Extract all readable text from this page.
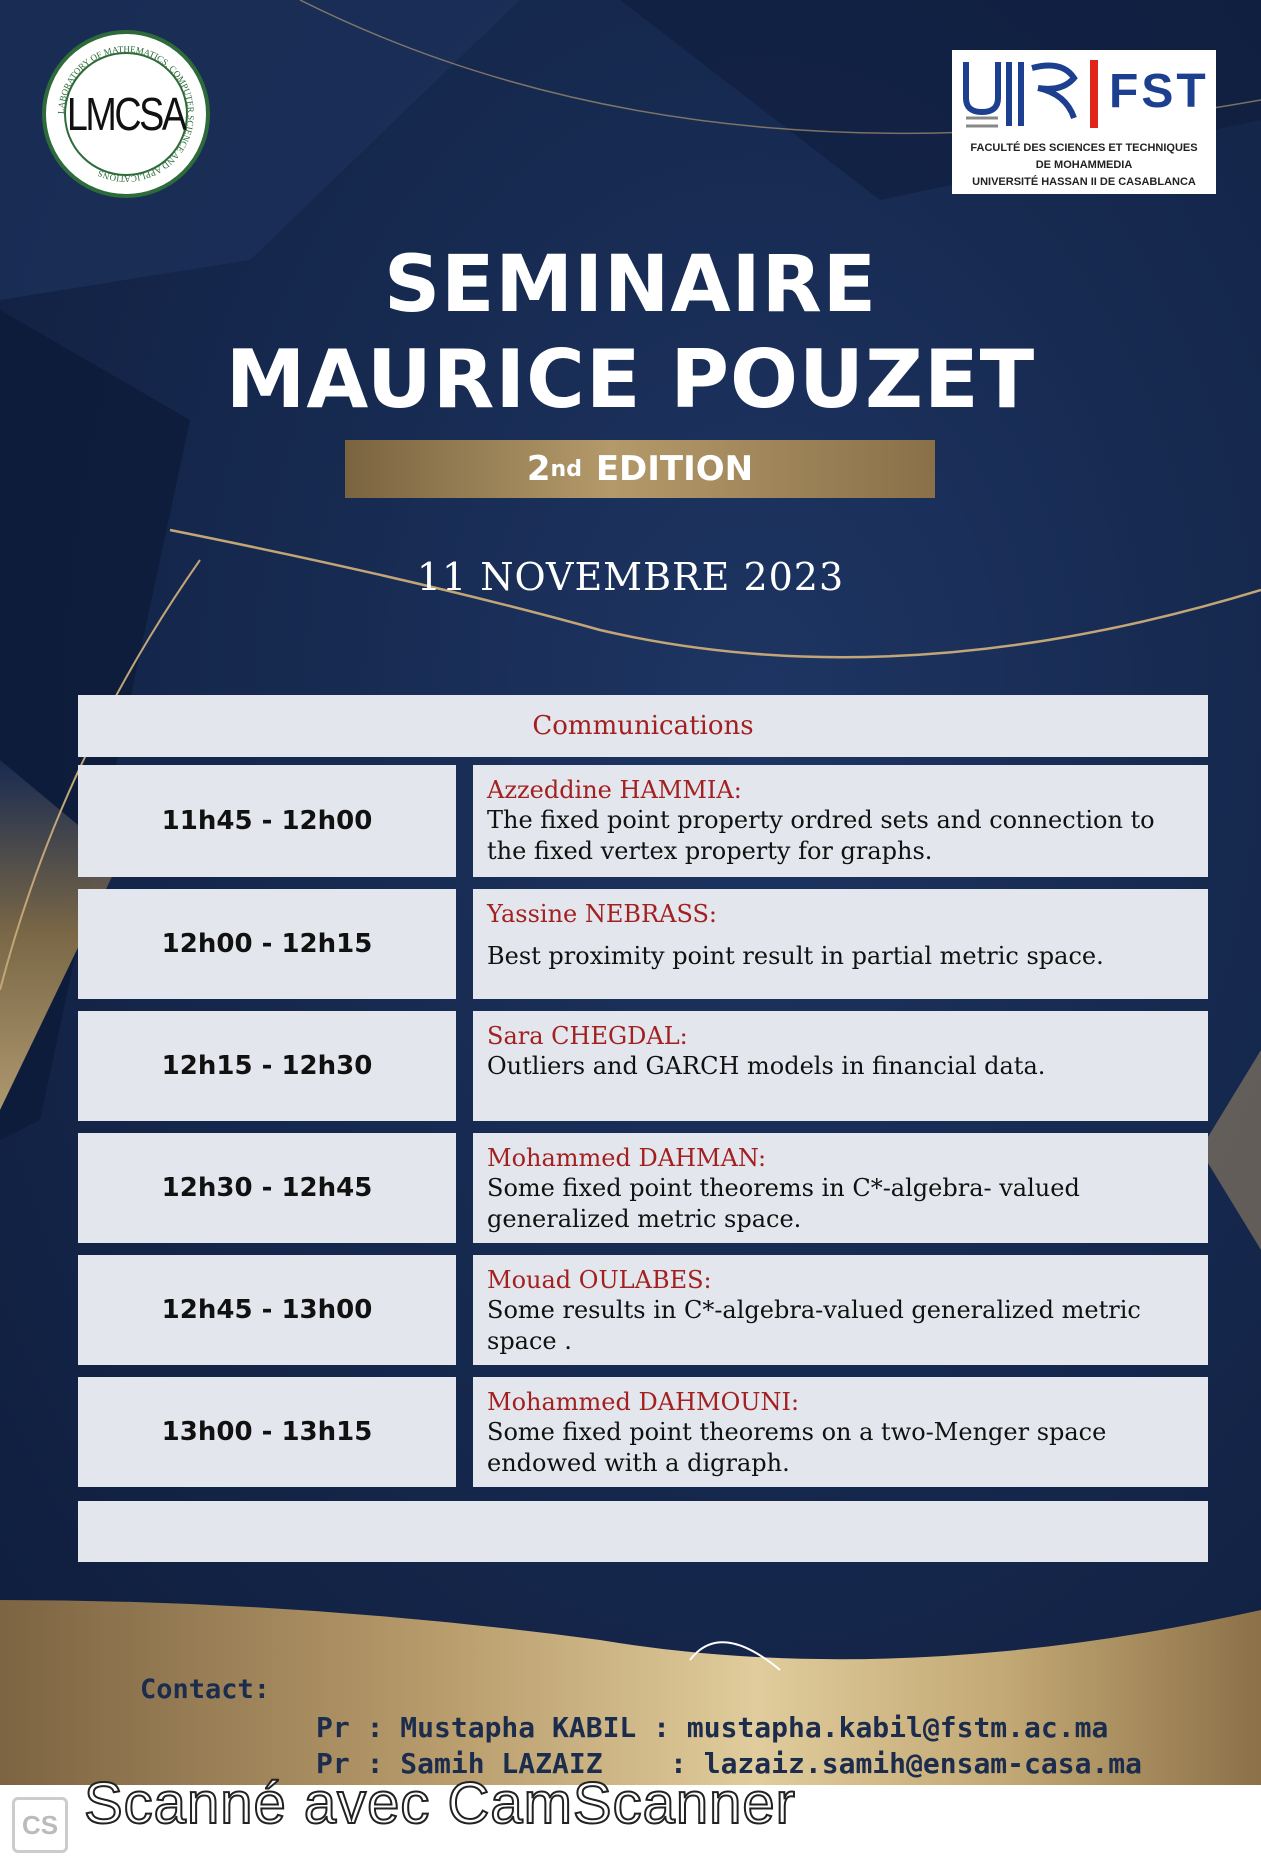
LABORATORY OF MATHEMATICS, COMPUTER SCIENCE AND APPLICATIONS
LMCSA	FST
FACULTÉ DES SCIENCES ET TECHNIQUES
DE MOHAMMEDIA
UNIVERSITÉ HASSAN II DE CASABLANCA
SEMINAIRE
MAURICE POUZET
2 nd
EDITION
11 NOVEMBRE 2023
Communications
11h45 - 12h00
Azzeddine HAMMIA:
The fixed point property ordred sets and connection to the fixed vertex property for graphs.
12h00 - 12h15
Yassine NEBRASS:
Best proximity point result in partial metric space.
12h15 - 12h30
Sara CHEGDAL:
Outliers and GARCH models in financial data.
12h30 - 12h45
Mohammed DAHMAN:
Some fixed point theorems in C*-algebra- valued generalized metric space.
12h45 - 13h00
Mouad OULABES:
Some results in C*-algebra-valued generalized metric space .
13h00 - 13h15
Mohammed DAHMOUNI:
Some fixed point theorems on a two-Menger space endowed with a digraph.
Contact:
Pr : Mustapha KABIL : mustapha.kabil@fstm.ac.ma
Pr : Samih LAZAIZ    : lazaiz.samih@ensam-casa.ma
CS Scanné avec CamScanner
